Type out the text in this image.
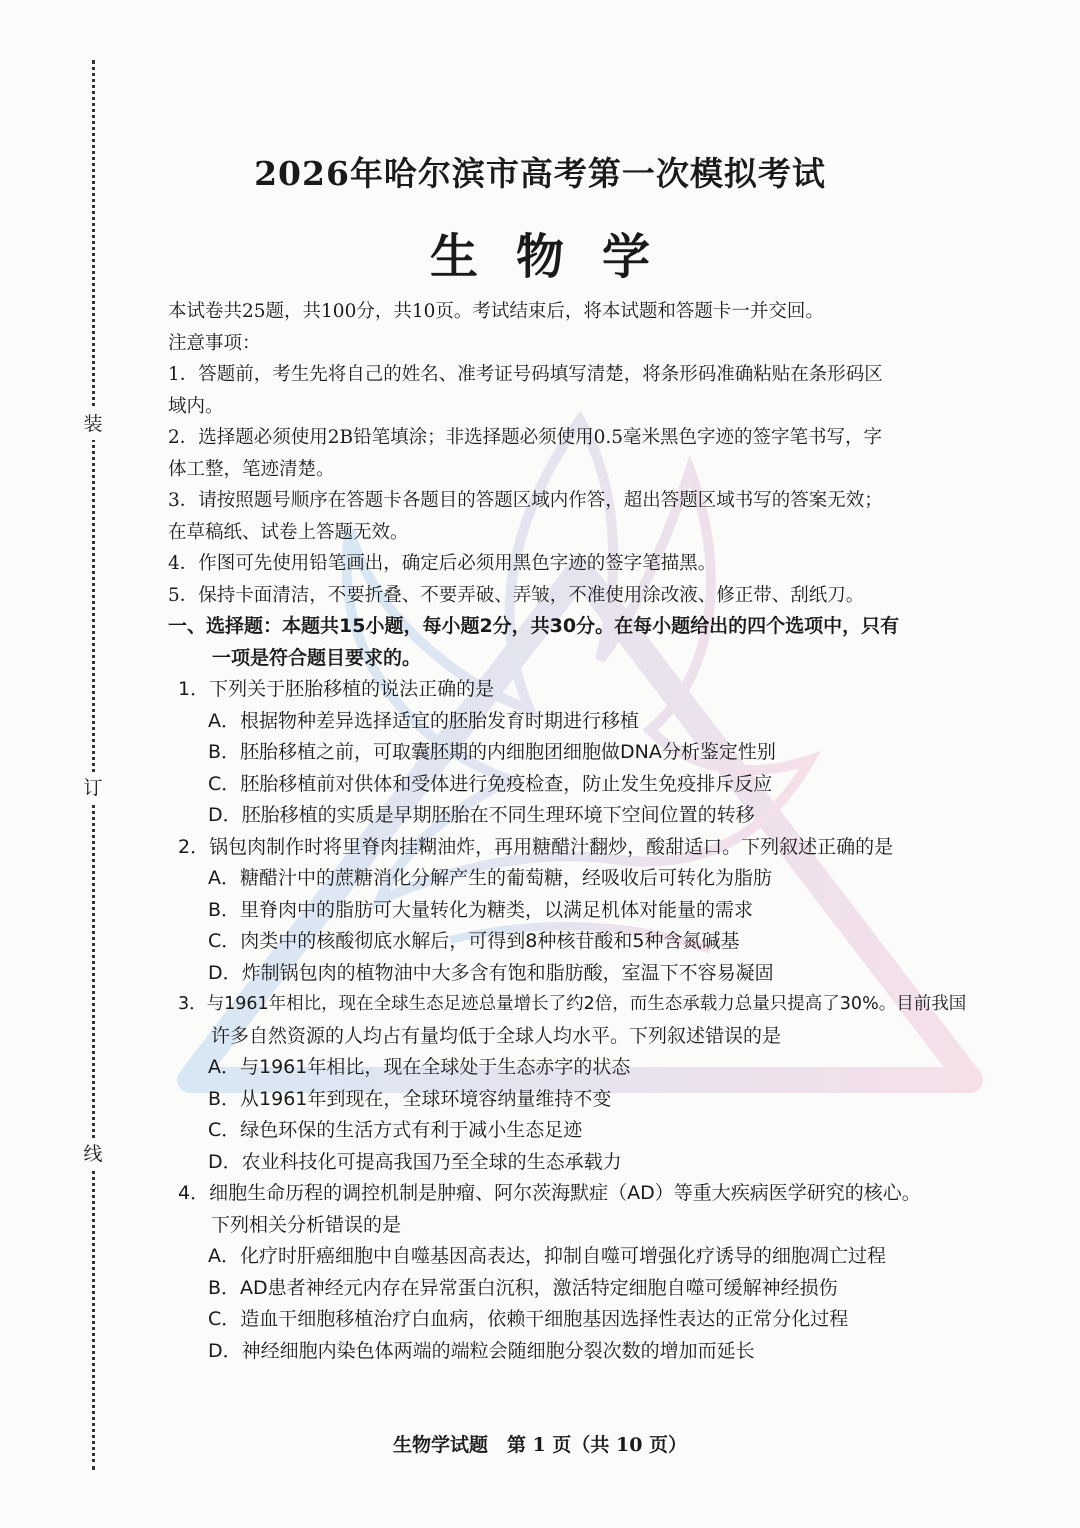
装
订
线
2026年哈尔滨市高考第一次模拟考试
生物学
本试卷共25题，共100分，共10页。考试结束后，将本试题和答题卡一并交回。
注意事项：
1．答题前，考生先将自己的姓名、准考证号码填写清楚，将条形码准确粘贴在条形码区
域内。
2．选择题必须使用2B铅笔填涂；非选择题必须使用0.5毫米黑色字迹的签字笔书写，字
体工整，笔迹清楚。
3．请按照题号顺序在答题卡各题目的答题区域内作答，超出答题区域书写的答案无效；
在草稿纸、试卷上答题无效。
4．作图可先使用铅笔画出，确定后必须用黑色字迹的签字笔描黑。
5．保持卡面清洁，不要折叠、不要弄破、弄皱，不准使用涂改液、修正带、刮纸刀。
一、选择题：本题共15小题，每小题2分，共30分。在每小题给出的四个选项中，只有
一项是符合题目要求的。
1．下列关于胚胎移植的说法正确的是
A．根据物种差异选择适宜的胚胎发育时期进行移植
B．胚胎移植之前，可取囊胚期的内细胞团细胞做DNA分析鉴定性别
C．胚胎移植前对供体和受体进行免疫检查，防止发生免疫排斥反应
D．胚胎移植的实质是早期胚胎在不同生理环境下空间位置的转移
2．锅包肉制作时将里脊肉挂糊油炸，再用糖醋汁翻炒，酸甜适口。下列叙述正确的是
A．糖醋汁中的蔗糖消化分解产生的葡萄糖，经吸收后可转化为脂肪
B．里脊肉中的脂肪可大量转化为糖类，以满足机体对能量的需求
C．肉类中的核酸彻底水解后，可得到8种核苷酸和5种含氮碱基
D．炸制锅包肉的植物油中大多含有饱和脂肪酸，室温下不容易凝固
3．与1961年相比，现在全球生态足迹总量增长了约2倍，而生态承载力总量只提高了30%。目前我国
许多自然资源的人均占有量均低于全球人均水平。下列叙述错误的是
A．与1961年相比，现在全球处于生态赤字的状态
B．从1961年到现在，全球环境容纳量维持不变
C．绿色环保的生活方式有利于减小生态足迹
D．农业科技化可提高我国乃至全球的生态承载力
4．细胞生命历程的调控机制是肿瘤、阿尔茨海默症（AD）等重大疾病医学研究的核心。
下列相关分析错误的是
A．化疗时肝癌细胞中自噬基因高表达，抑制自噬可增强化疗诱导的细胞凋亡过程
B．AD患者神经元内存在异常蛋白沉积，激活特定细胞自噬可缓解神经损伤
C．造血干细胞移植治疗白血病，依赖干细胞基因选择性表达的正常分化过程
D．神经细胞内染色体两端的端粒会随细胞分裂次数的增加而延长
生物学试题　第 1 页（共 10 页）
